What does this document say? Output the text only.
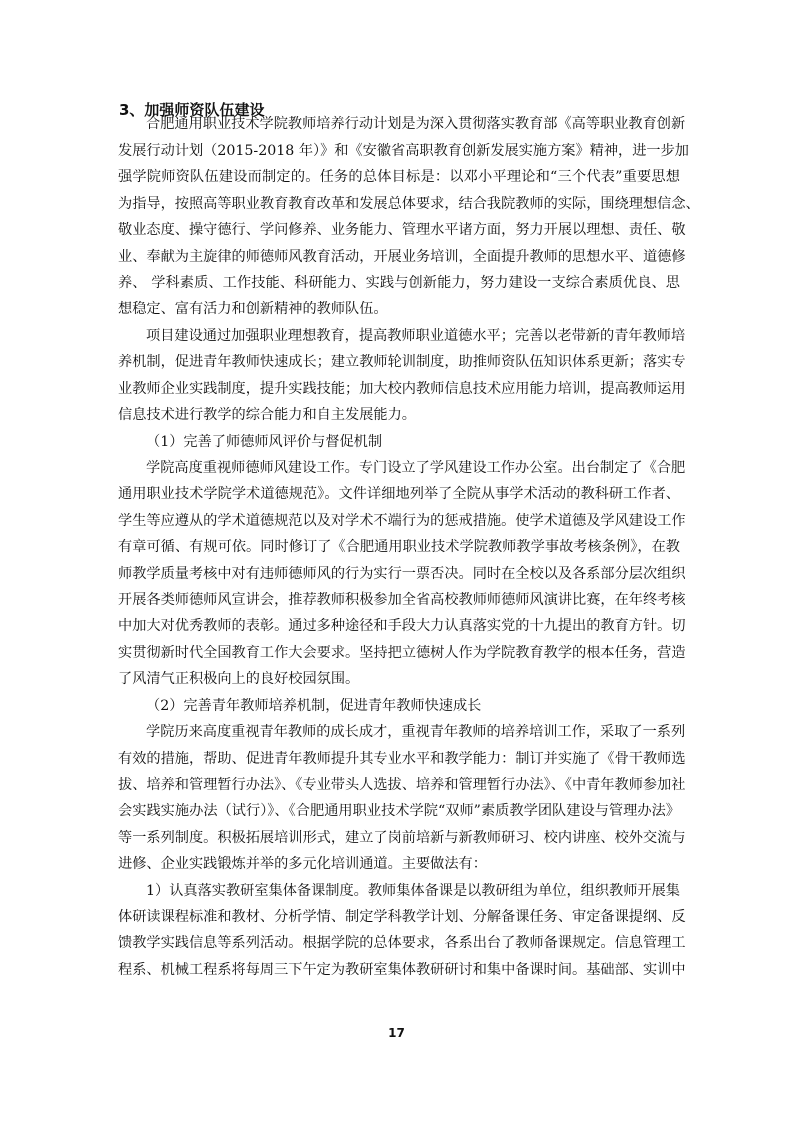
3、加强师资队伍建设
合肥通用职业技术学院教师培养行动计划是为深入贯彻落实教育部《高等职业教育创新
发展行动计划（2015-2018 年）》和《安徽省高职教育创新发展实施方案》精神，进一步加
强学院师资队伍建设而制定的。任务的总体目标是：以邓小平理论和“三个代表”重要思想
为指导，按照高等职业教育教育改革和发展总体要求，结合我院教师的实际，围绕理想信念、
敬业态度、操守德行、学问修养、业务能力、管理水平诸方面，努力开展以理想、责任、敬
业、奉献为主旋律的师德师风教育活动，开展业务培训，全面提升教师的思想水平、道德修
养、 学科素质、工作技能、科研能力、实践与创新能力，努力建设一支综合素质优良、思
想稳定、富有活力和创新精神的教师队伍。
项目建设通过加强职业理想教育，提高教师职业道德水平；完善以老带新的青年教师培
养机制，促进青年教师快速成长；建立教师轮训制度，助推师资队伍知识体系更新；落实专
业教师企业实践制度，提升实践技能；加大校内教师信息技术应用能力培训，提高教师运用
信息技术进行教学的综合能力和自主发展能力。
（1）完善了师德师风评价与督促机制
学院高度重视师德师风建设工作。专门设立了学风建设工作办公室。出台制定了《合肥
通用职业技术学院学术道德规范》。文件详细地列举了全院从事学术活动的教科研工作者、
学生等应遵从的学术道德规范以及对学术不端行为的惩戒措施。使学术道德及学风建设工作
有章可循、有规可依。同时修订了《合肥通用职业技术学院教师教学事故考核条例》，在教
师教学质量考核中对有违师德师风的行为实行一票否决。同时在全校以及各系部分层次组织
开展各类师德师风宣讲会，推荐教师积极参加全省高校教师师德师风演讲比赛，在年终考核
中加大对优秀教师的表彰。通过多种途径和手段大力认真落实党的十九提出的教育方针。切
实贯彻新时代全国教育工作大会要求。坚持把立德树人作为学院教育教学的根本任务，营造
了风清气正积极向上的良好校园氛围。
（2）完善青年教师培养机制，促进青年教师快速成长
学院历来高度重视青年教师的成长成才，重视青年教师的培养培训工作，采取了一系列
有效的措施，帮助、促进青年教师提升其专业水平和教学能力：制订并实施了《骨干教师选
拔、培养和管理暂行办法》、《专业带头人选拔、培养和管理暂行办法》、《中青年教师参加社
会实践实施办法（试行）》、《合肥通用职业技术学院“双师”素质教学团队建设与管理办法》
等一系列制度。积极拓展培训形式，建立了岗前培新与新教师研习、校内讲座、校外交流与
进修、企业实践锻炼并举的多元化培训通道。主要做法有：
1）认真落实教研室集体备课制度。教师集体备课是以教研组为单位，组织教师开展集
体研读课程标准和教材、分析学情、制定学科教学计划、分解备课任务、审定备课提纲、反
馈教学实践信息等系列活动。根据学院的总体要求，各系出台了教师备课规定。信息管理工
程系、机械工程系将每周三下午定为教研室集体教研研讨和集中备课时间。基础部、实训中
17
